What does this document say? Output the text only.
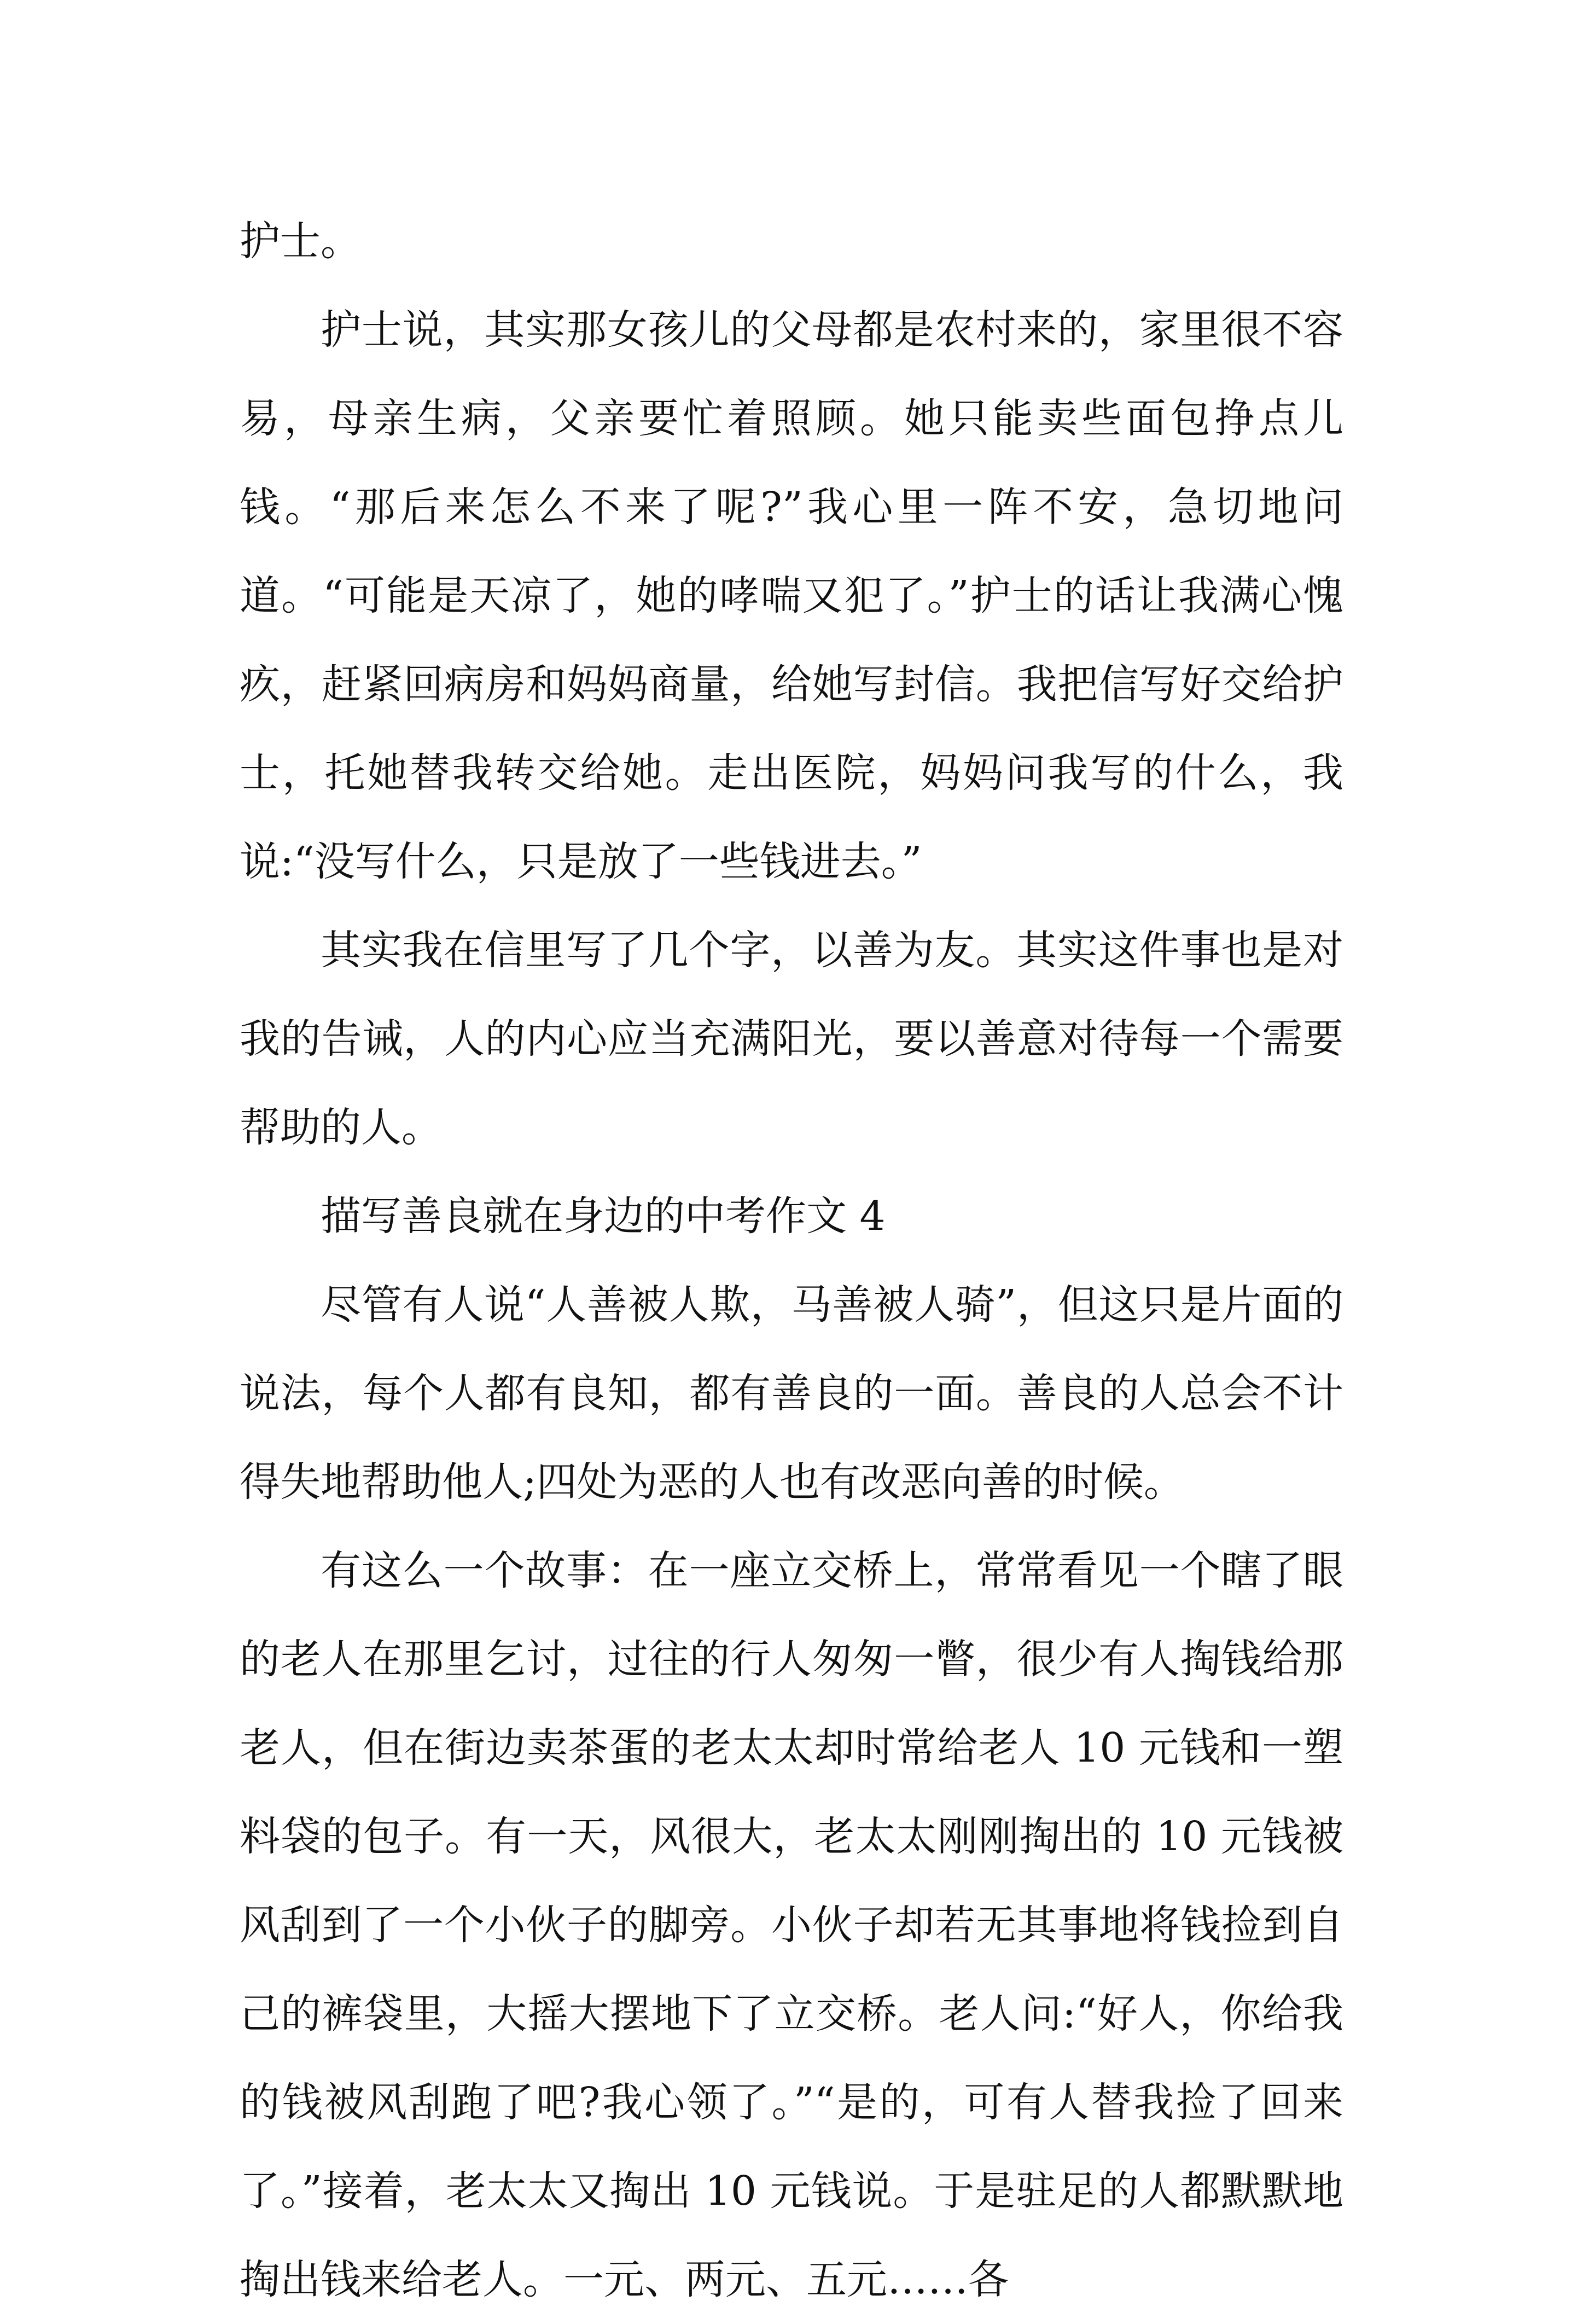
护士。

护士说，其实那女孩儿的父母都是农村来的，家里很不容易，母亲生病，父亲要忙着照顾。她只能卖些面包挣点儿钱。“那后来怎么不来了呢?”我心里一阵不安，急切地问道。“可能是天凉了，她的哮喘又犯了。”护士的话让我满心愧疚，赶紧回病房和妈妈商量，给她写封信。我把信写好交给护士，托她替我转交给她。走出医院，妈妈问我写的什么，我说:“没写什么，只是放了一些钱进去。”

其实我在信里写了几个字，以善为友。其实这件事也是对我的告诫，人的内心应当充满阳光，要以善意对待每一个需要帮助的人。

描写善良就在身边的中考作文 4

尽管有人说“人善被人欺，马善被人骑”，但这只是片面的说法，每个人都有良知，都有善良的一面。善良的人总会不计得失地帮助他人;四处为恶的人也有改恶向善的时候。

有这么一个故事：在一座立交桥上，常常看见一个瞎了眼的老人在那里乞讨，过往的行人匆匆一瞥，很少有人掏钱给那老人，但在街边卖茶蛋的老太太却时常给老人 10 元钱和一塑料袋的包子。有一天，风很大，老太太刚刚掏出的 10 元钱被风刮到了一个小伙子的脚旁。小伙子却若无其事地将钱捡到自己的裤袋里，大摇大摆地下了立交桥。老人问:“好人，你给我的钱被风刮跑了吧?我心领了。”“是的，可有人替我捡了回来了。”接着，老太太又掏出 10 元钱说。于是驻足的人都默默地掏出钱来给老人。一元、两元、五元……各
